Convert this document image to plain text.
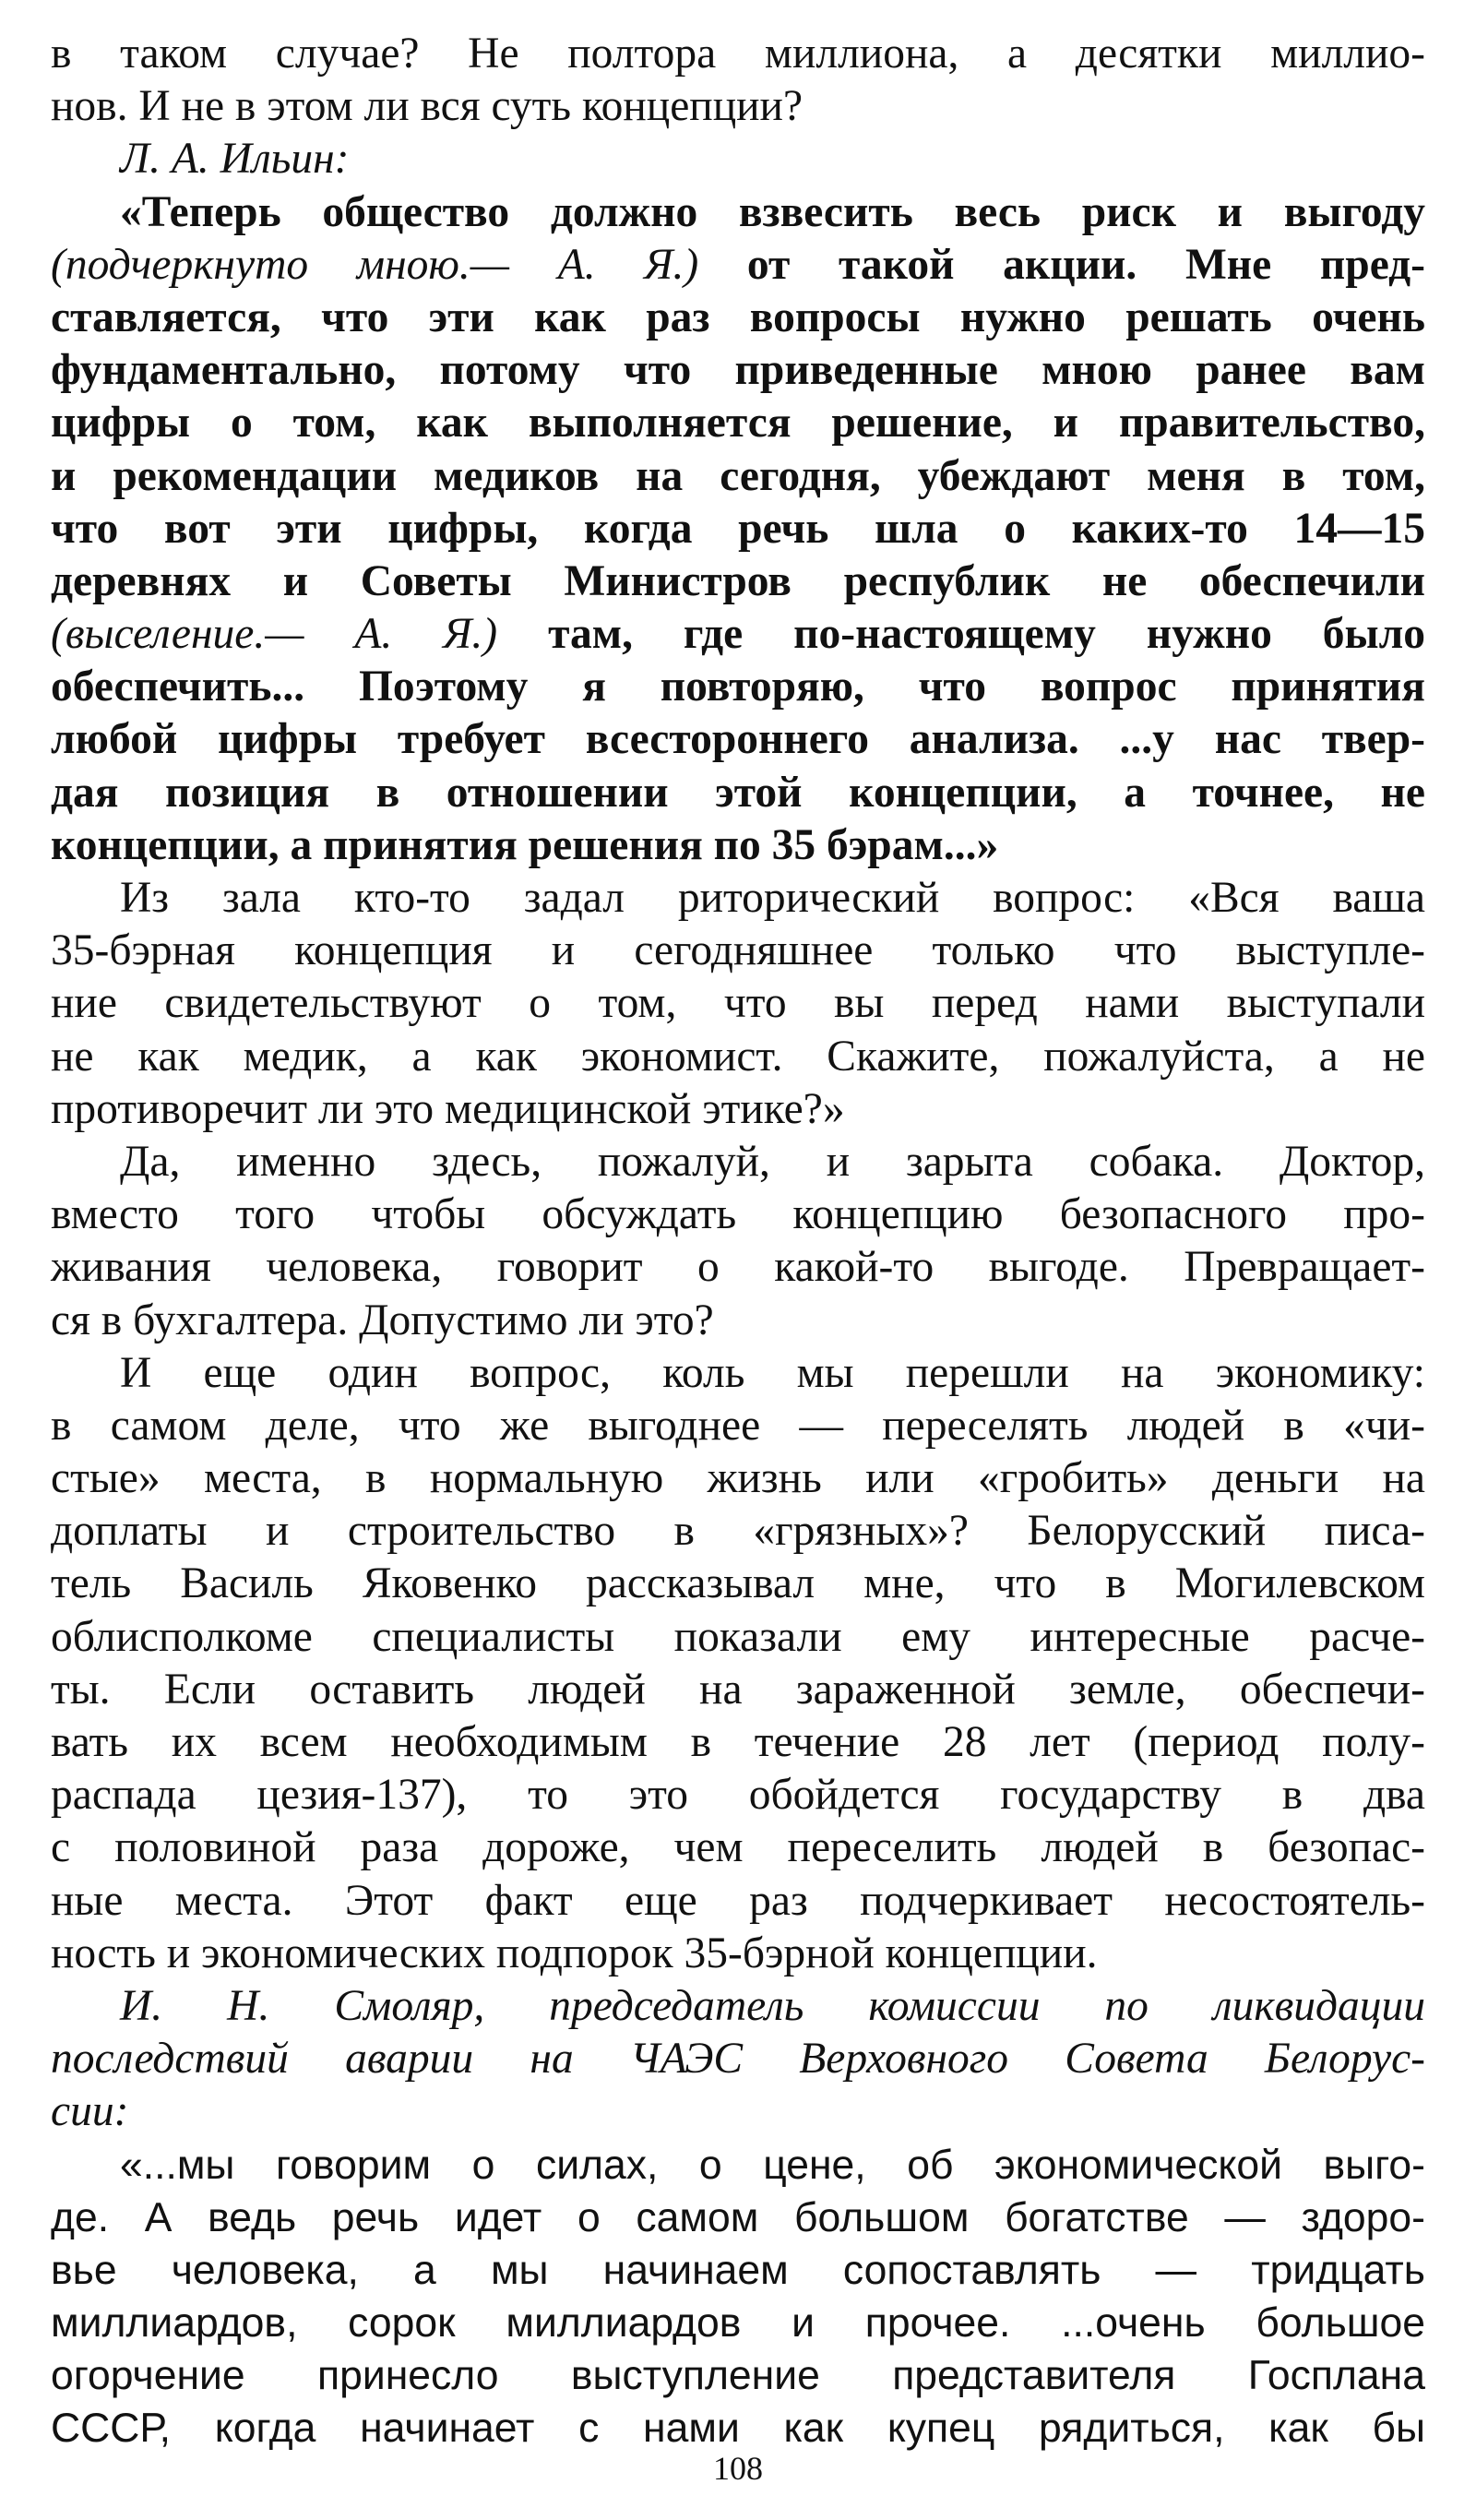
в таком случае? Не полтора миллиона, а десятки миллио-
нов. И не в этом ли вся суть концепции?
Л. А. Ильин:
«Теперь общество должно взвесить весь риск и выгоду
(подчеркнуто мною.— А. Я.) от такой акции. Мне пред-
ставляется, что эти как раз вопросы нужно решать очень
фундаментально, потому что приведенные мною ранее вам
цифры о том, как выполняется решение, и правительство,
и рекомендации медиков на сегодня, убеждают меня в том,
что вот эти цифры, когда речь шла о каких-то 14—15
деревнях и Советы Министров республик не обеспечили
(выселение.— А. Я.) там, где по-настоящему нужно было
обеспечить... Поэтому я повторяю, что вопрос принятия
любой цифры требует всестороннего анализа. ...у нас твер-
дая позиция в отношении этой концепции, а точнее, не
концепции, а принятия решения по 35 бэрам...»
Из зала кто-то задал риторический вопрос: «Вся ваша
35-бэрная концепция и сегодняшнее только что выступле-
ние свидетельствуют о том, что вы перед нами выступали
не как медик, а как экономист. Скажите, пожалуйста, а не
противоречит ли это медицинской этике?»
Да, именно здесь, пожалуй, и зарыта собака. Доктор,
вместо того чтобы обсуждать концепцию безопасного про-
живания человека, говорит о какой-то выгоде. Превращает-
ся в бухгалтера. Допустимо ли это?
И еще один вопрос, коль мы перешли на экономику:
в самом деле, что же выгоднее — переселять людей в «чи-
стые» места, в нормальную жизнь или «гробить» деньги на
доплаты и строительство в «грязных»? Белорусский писа-
тель Василь Яковенко рассказывал мне, что в Могилевском
облисполкоме специалисты показали ему интересные расче-
ты. Если оставить людей на зараженной земле, обеспечи-
вать их всем необходимым в течение 28 лет (период полу-
распада цезия-137), то это обойдется государству в два
с половиной раза дороже, чем переселить людей в безопас-
ные места. Этот факт еще раз подчеркивает несостоятель-
ность и экономических подпорок 35-бэрной концепции.
И. Н. Смоляр, председатель комиссии по ликвидации
последствий аварии на ЧАЭС Верховного Совета Белорус-
сии:
«...мы говорим о силах, о цене, об экономической выго-
де. А ведь речь идет о самом большом богатстве — здоро-
вье человека, а мы начинаем сопоставлять — тридцать
миллиардов, сорок миллиардов и прочее. ...очень большое
огорчение принесло выступление представителя Госплана
СССР, когда начинает с нами как купец рядиться, как бы
108
